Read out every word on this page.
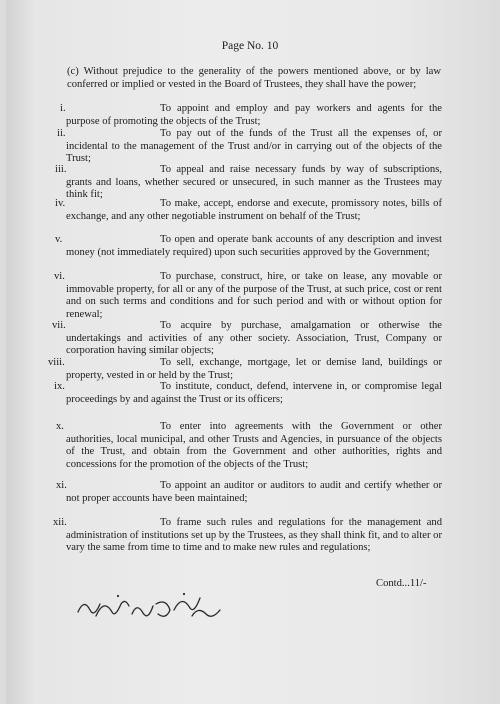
Page No. 10
(c) Without prejudice to the generality of the powers mentioned above, or by law conferred or implied or vested in the Board of Trustees, they shall have the power;
i.	To appoint and employ and pay workers and agents for the purpose of promoting the objects of the Trust;
ii.	To pay out of the funds of the Trust all the expenses of, or incidental to the management of the Trust and/or in carrying out of the objects of the Trust;
iii.	To appeal and raise necessary funds by way of subscriptions, grants and loans, whether secured or unsecured, in such manner as the Trustees may think fit;
iv.	To make, accept, endorse and execute, promissory notes, bills of exchange, and any other negotiable instrument on behalf of the Trust;
v.	To open and operate bank accounts of any description and invest money (not immediately required) upon such securities approved by the Government;
vi.	To purchase, construct, hire, or take on lease, any movable or immovable property, for all or any of the purpose of the Trust, at such price, cost or rent and on such terms and conditions and for such period and with or without option for renewal;
vii.	To acquire by purchase, amalgamation or otherwise the undertakings and activities of any other society. Association, Trust, Company or corporation having similar objects;
viii.	To sell, exchange, mortgage, let or demise land, buildings or property, vested in or held by the Trust;
ix.	To institute, conduct, defend, intervene in, or compromise legal proceedings by and against the Trust or its officers;
x.	To enter into agreements with the Government or other authorities, local municipal, and other Trusts and Agencies, in pursuance of the objects of the Trust, and obtain from the Government and other authorities, rights and concessions for the promotion of the objects of the Trust;
xi.	To appoint an auditor or auditors to audit and certify whether or not proper accounts have been maintained;
xii.	To frame such rules and regulations for the management and administration of institutions set up by the Trustees, as they shall think fit, and to alter or vary the same from time to time and to make new rules and regulations;
Contd...11/-
